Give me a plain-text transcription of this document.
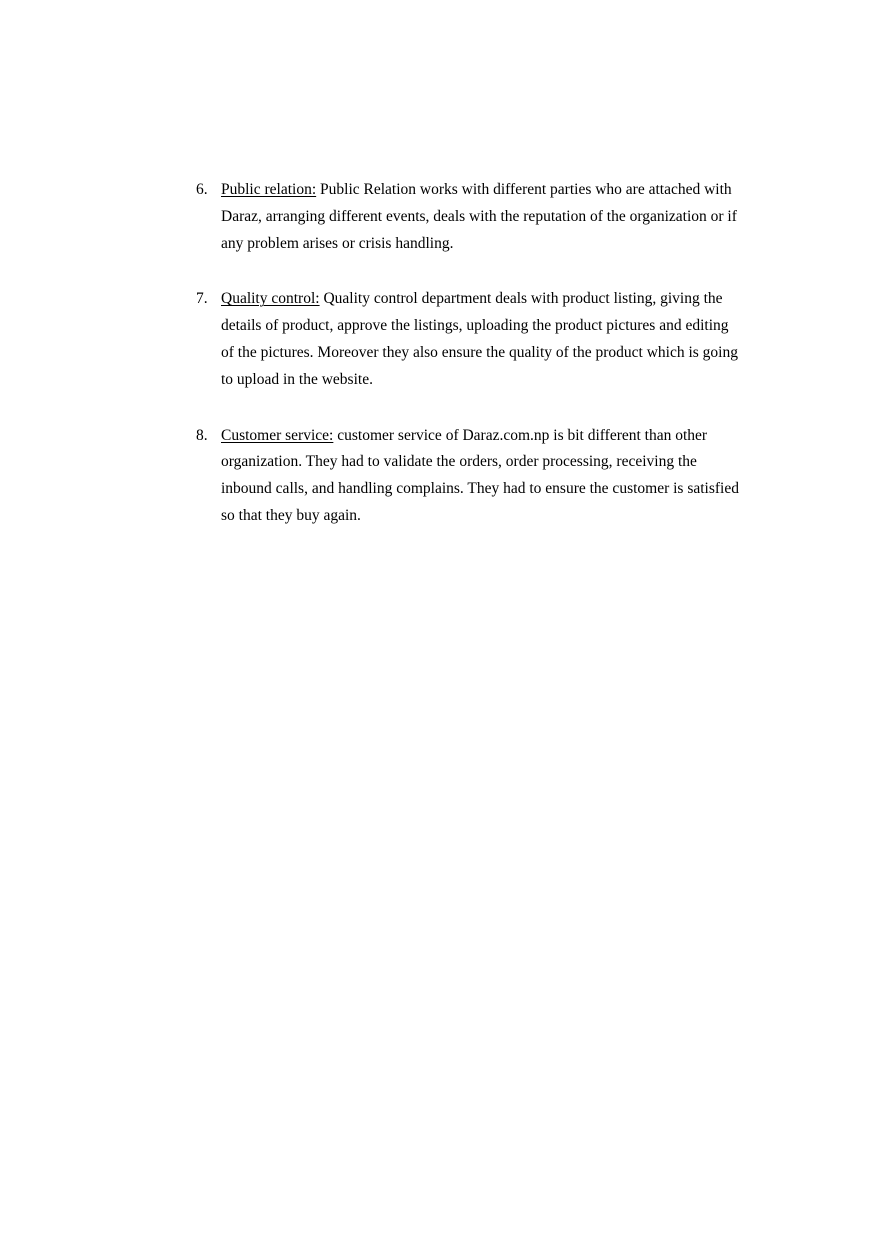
6. Public relation: Public Relation works with different parties who are attached with Daraz, arranging different events, deals with the reputation of the organization or if any problem arises or crisis handling.
7. Quality control: Quality control department deals with product listing, giving the details of product, approve the listings, uploading the product pictures and editing of the pictures. Moreover they also ensure the quality of the product which is going to upload in the website.
8. Customer service: customer service of Daraz.com.np is bit different than other organization. They had to validate the orders, order processing, receiving the inbound calls, and handling complains. They had to ensure the customer is satisfied so that they buy again.
